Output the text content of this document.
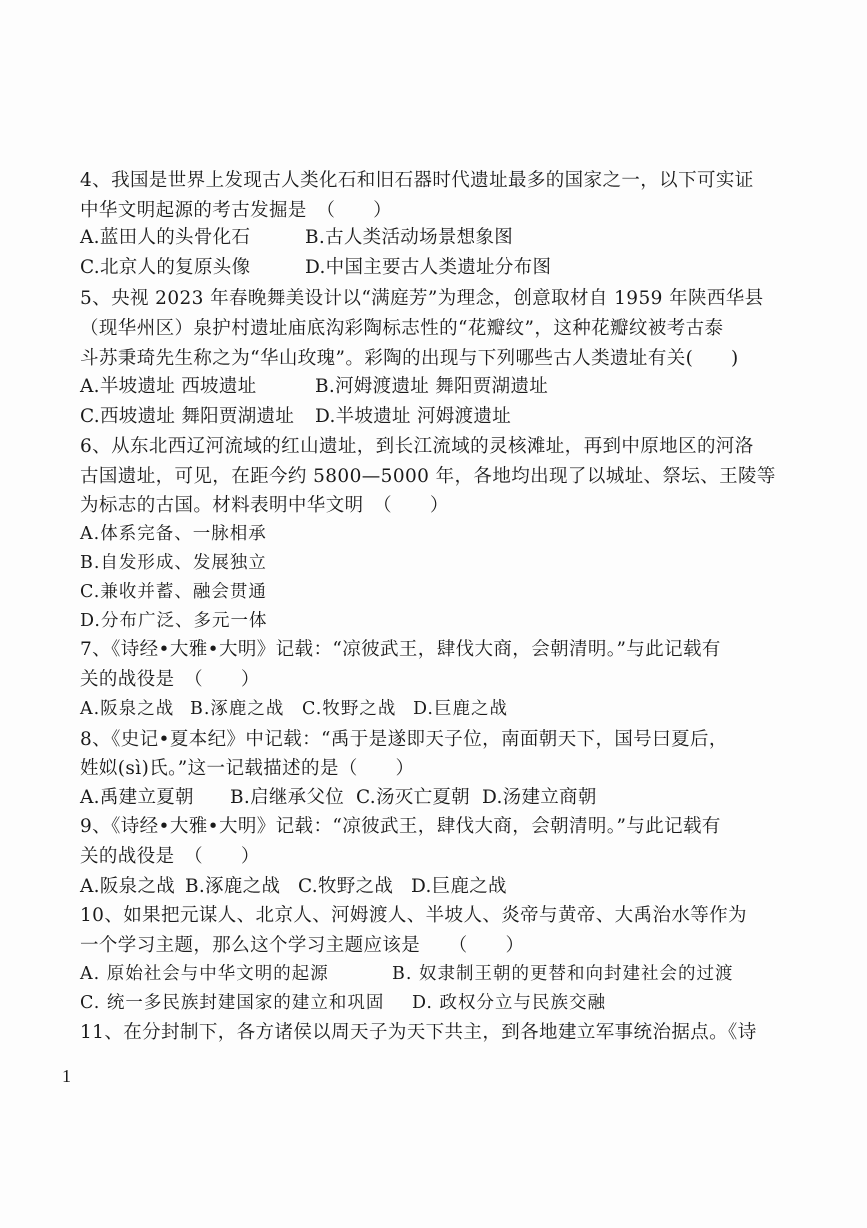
4、我国是世界上发现古人类化石和旧石器时代遗址最多的国家之一，以下可实证
中华文明起源的考古发掘是　（　　）
A.蓝田人的头骨化石	B.古人类活动场景想象图
C.北京人的复原头像	D.中国主要古人类遗址分布图
5、央视 2023 年春晚舞美设计以“满庭芳”为理念，创意取材自 1959 年陕西华县
（现华州区）泉护村遗址庙底沟彩陶标志性的“花瓣纹”，这种花瓣纹被考古泰
斗苏秉琦先生称之为“华山玫瑰”。彩陶的出现与下列哪些古人类遗址有关(　　)
A.半坡遗址 西坡遗址	B.河姆渡遗址 舞阳贾湖遗址
C.西坡遗址 舞阳贾湖遗址 D.半坡遗址 河姆渡遗址
6、从东北西辽河流域的红山遗址，到长江流域的灵核滩址，再到中原地区的河洛
古国遗址，可见，在距今约 5800—5000 年，各地均出现了以城址、祭坛、王陵等
为标志的古国。材料表明中华文明　（　　）
A.体系完备、一脉相承
B.自发形成、发展独立
C.兼收并蓄、融会贯通
D.分布广泛、多元一体
7、《诗经•大雅•大明》记载：“凉彼武王，肆伐大商，会朝清明。”与此记载有
关的战役是　（　　）
A.阪泉之战 B.涿鹿之战 C.牧野之战 D.巨鹿之战
8、《史记•夏本纪》中记载：“禹于是遂即天子位，南面朝天下，国号曰夏后，
姓姒(sì)氏。”这一记载描述的是（　　）
A.禹建立夏朝 B.启继承父位 C.汤灭亡夏朝 D.汤建立商朝
9、《诗经•大雅•大明》记载：“凉彼武王，肆伐大商，会朝清明。”与此记载有
关的战役是　（　　）
A.阪泉之战 B.涿鹿之战 C.牧野之战 D.巨鹿之战
10、如果把元谋人、北京人、河姆渡人、半坡人、炎帝与黄帝、大禹治水等作为
一个学习主题，那么这个学习主题应该是　　（　　）
A. 原始社会与中华文明的起源	B. 奴隶制王朝的更替和向封建社会的过渡
C. 统一多民族封建国家的建立和巩固 D. 政权分立与民族交融
11、在分封制下，各方诸侯以周天子为天下共主，到各地建立军事统治据点。《诗
1
